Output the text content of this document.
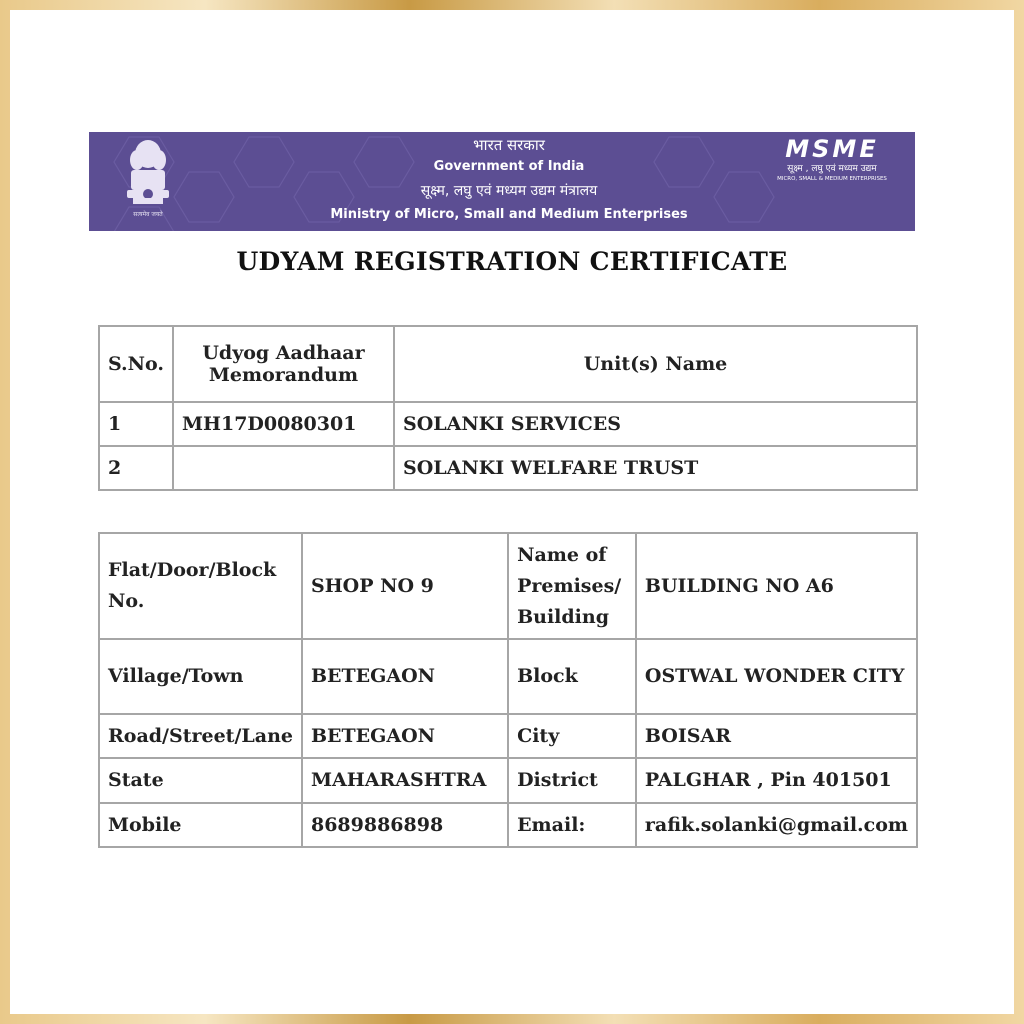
सत्यमेव जयते
भारत सरकार
Government of India
सूक्ष्म, लघु एवं मध्यम उद्यम मंत्रालय
Ministry of Micro, Small and Medium Enterprises
MSME
सूक्ष्म , लघु एवं मध्यम उद्यम
MICRO, SMALL & MEDIUM ENTERPRISES
UDYAM REGISTRATION CERTIFICATE
S.No.	Udyog Aadhaar Memorandum	Unit(s) Name
1	MH17D0080301	SOLANKI SERVICES
2		SOLANKI WELFARE TRUST
Flat/Door/Block No.	SHOP NO 9	Name of Premises/ Building	BUILDING NO A6
Village/Town	BETEGAON	Block	OSTWAL WONDER CITY
Road/Street/Lane	BETEGAON	City	BOISAR
State	MAHARASHTRA	District	PALGHAR , Pin 401501
Mobile	8689886898	Email:	rafik.solanki@gmail.com
